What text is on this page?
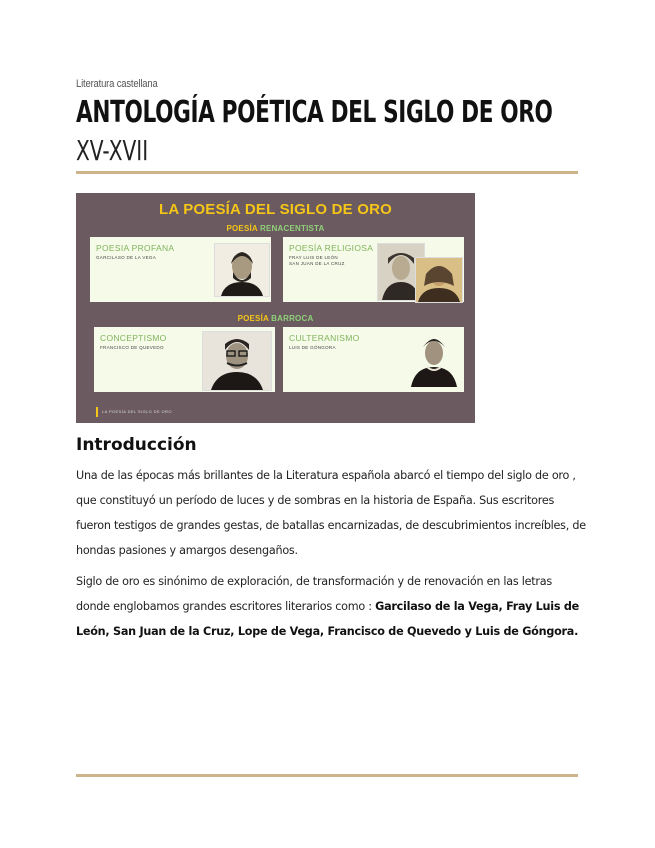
Literatura castellana
ANTOLOGÍA POÉTICA DEL SIGLO DE ORO
XV-XVII
LA POESÍA DEL SIGLO DE ORO
POESÍA RENACENTISTA
POESIA PROFANA
GARCILASO DE LA VEGA
POESÍA RELIGIOSA
FRAY LUIS DE LEÓN
SAN JUAN DE LA CRUZ
POESÍA BARROCA
CONCEPTISMO
FRANCISCO DE QUEVEDO
CULTERANISMO
LUIS DE GÓNGORA
LA POESÍA DEL SIGLO DE ORO
Introducción
Una de las épocas más brillantes de la Literatura española abarcó el tiempo del siglo de oro , que constituyó un período de luces y de sombras en la historia de España. Sus escritores fueron testigos de grandes gestas, de batallas encarnizadas, de descubrimientos increíbles, de hondas pasiones y amargos desengaños.
Siglo de oro es sinónimo de exploración, de transformación y de renovación en las letras donde englobamos grandes escritores literarios como : Garcilaso de la Vega, Fray Luis de León, San Juan de la Cruz, Lope de Vega, Francisco de Quevedo y Luis de Góngora.
